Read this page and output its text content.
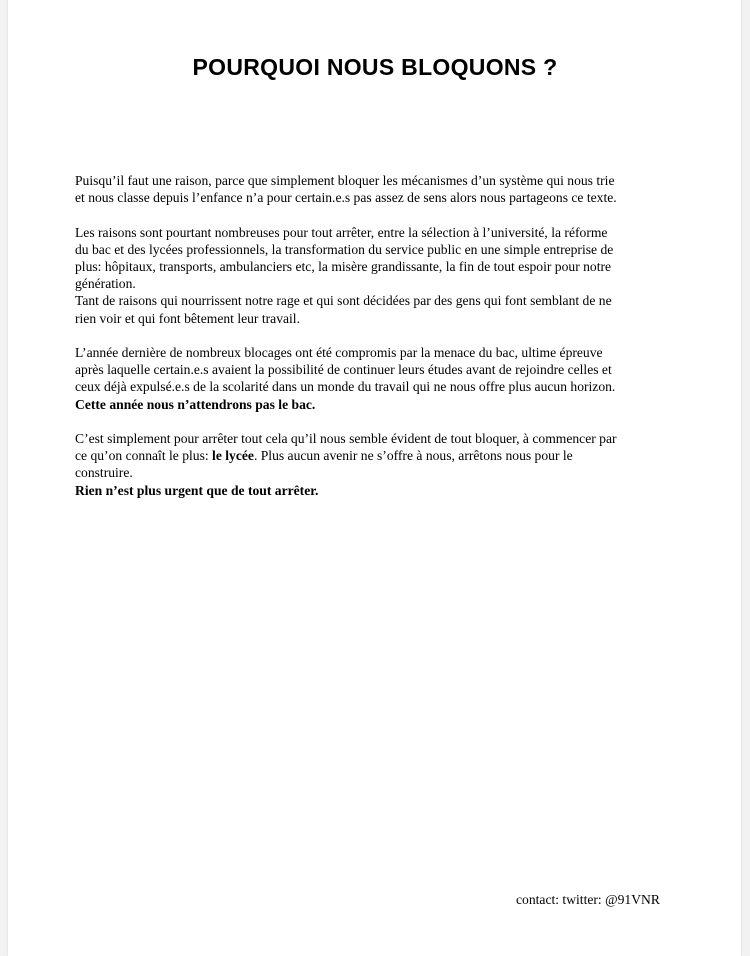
POURQUOI NOUS BLOQUONS ?

Puisqu’il faut une raison, parce que simplement bloquer les mécanismes d’un système qui nous trie
et nous classe depuis l’enfance n’a pour certain.e.s pas assez de sens alors nous partageons ce texte.

Les raisons sont pourtant nombreuses pour tout arrêter, entre la sélection à l’université, la réforme
du bac et des lycées professionnels, la transformation du service public en une simple entreprise de
plus: hôpitaux, transports, ambulanciers etc, la misère grandissante, la fin de tout espoir pour notre
génération.
Tant de raisons qui nourrissent notre rage et qui sont décidées par des gens qui font semblant de ne
rien voir et qui font bêtement leur travail.

L’année dernière de nombreux blocages ont été compromis par la menace du bac, ultime épreuve
après laquelle certain.e.s avaient la possibilité de continuer leurs études avant de rejoindre celles et
ceux déjà expulsé.e.s de la scolarité dans un monde du travail qui ne nous offre plus aucun horizon.
Cette année nous n’attendrons pas le bac.

C’est simplement pour arrêter tout cela qu’il nous semble évident de tout bloquer, à commencer par
ce qu’on connaît le plus: le lycée. Plus aucun avenir ne s’offre à nous, arrêtons nous pour le
construire.
Rien n’est plus urgent que de tout arrêter.

contact: twitter: @91VNR
